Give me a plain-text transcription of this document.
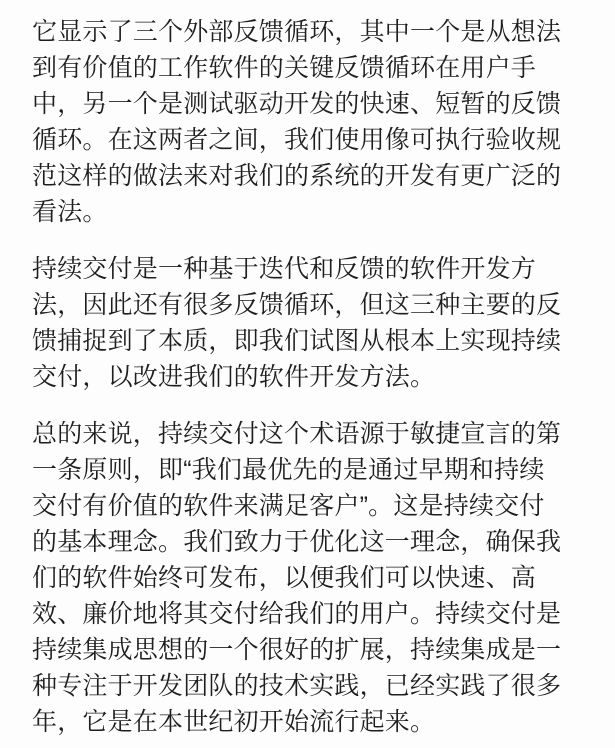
它显示了三个外部反馈循环，其中一个是从想法到有价值的工作软件的关键反馈循环在用户手中，另一个是测试驱动开发的快速、短暂的反馈循环。在这两者之间，我们使用像可执行验收规范这样的做法来对我们的系统的开发有更广泛的看法。

持续交付是一种基于迭代和反馈的软件开发方法，因此还有很多反馈循环，但这三种主要的反馈捕捉到了本质，即我们试图从根本上实现持续交付，以改进我们的软件开发方法。

总的来说，持续交付这个术语源于敏捷宣言的第一条原则，即“我们最优先的是通过早期和持续交付有价值的软件来满足客户”。这是持续交付的基本理念。我们致力于优化这一理念，确保我们的软件始终可发布，以便我们可以快速、高效、廉价地将其交付给我们的用户。持续交付是持续集成思想的一个很好的扩展，持续集成是一种专注于开发团队的技术实践，已经实践了很多年，它是在本世纪初开始流行起来。
